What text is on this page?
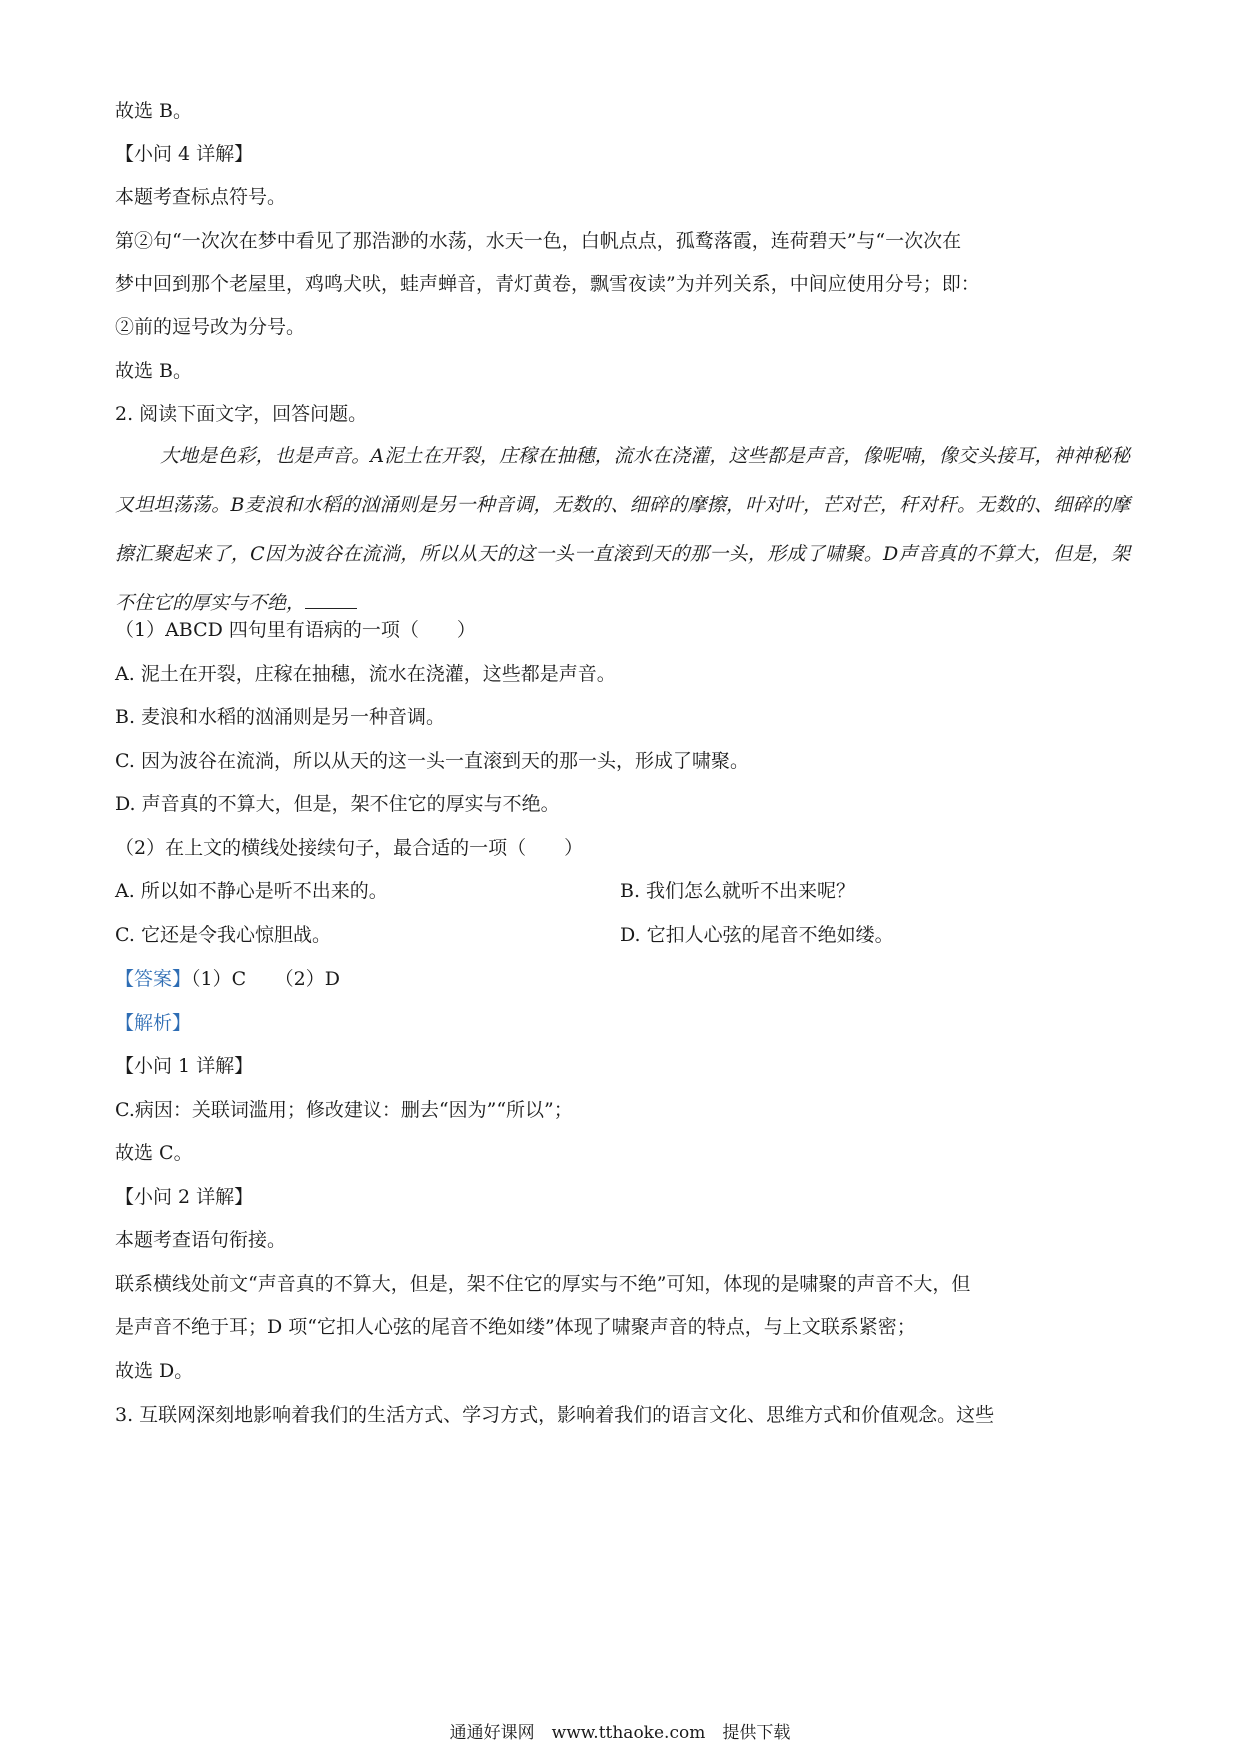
故选 B。
【小问 4 详解】
本题考查标点符号。
第②句“一次次在梦中看见了那浩渺的水荡，水天一色，白帆点点，孤鹜落霞，连荷碧天”与“一次次在
梦中回到那个老屋里，鸡鸣犬吠，蛙声蝉音，青灯黄卷，飘雪夜读”为并列关系，中间应使用分号；即：
②前的逗号改为分号。
故选 B。
2. 阅读下面文字，回答问题。
大地是色彩，也是声音。A泥土在开裂，庄稼在抽穗，流水在浇灌，这些都是声音，像呢喃，像交头接耳，神神秘秘又坦坦荡荡。B麦浪和水稻的汹涌则是另一种音调，无数的、细碎的摩擦，叶对叶，芒对芒，秆对秆。无数的、细碎的摩擦汇聚起来了，C因为波谷在流淌，所以从天的这一头一直滚到天的那一头，形成了啸聚。D声音真的不算大，但是，架不住它的厚实与不绝，
（1）ABCD 四句里有语病的一项（　　）
A. 泥土在开裂，庄稼在抽穗，流水在浇灌，这些都是声音。
B. 麦浪和水稻的汹涌则是另一种音调。
C. 因为波谷在流淌，所以从天的这一头一直滚到天的那一头，形成了啸聚。
D. 声音真的不算大，但是，架不住它的厚实与不绝。
（2）在上文的横线处接续句子，最合适的一项（　　）
A. 所以如不静心是听不出来的。	B. 我们怎么就听不出来呢？
C. 它还是令我心惊胆战。	D. 它扣人心弦的尾音不绝如缕。
【答案】（1）C　　（2）D
【解析】
【小问 1 详解】
C.病因：关联词滥用；修改建议：删去“因为”“所以”；
故选 C。
【小问 2 详解】
本题考查语句衔接。
联系横线处前文“声音真的不算大，但是，架不住它的厚实与不绝”可知，体现的是啸聚的声音不大，但
是声音不绝于耳；D 项“它扣人心弦的尾音不绝如缕”体现了啸聚声音的特点，与上文联系紧密；
故选 D。
3. 互联网深刻地影响着我们的生活方式、学习方式，影响着我们的语言文化、思维方式和价值观念。这些
通通好课网　www.tthaoke.com　提供下载
